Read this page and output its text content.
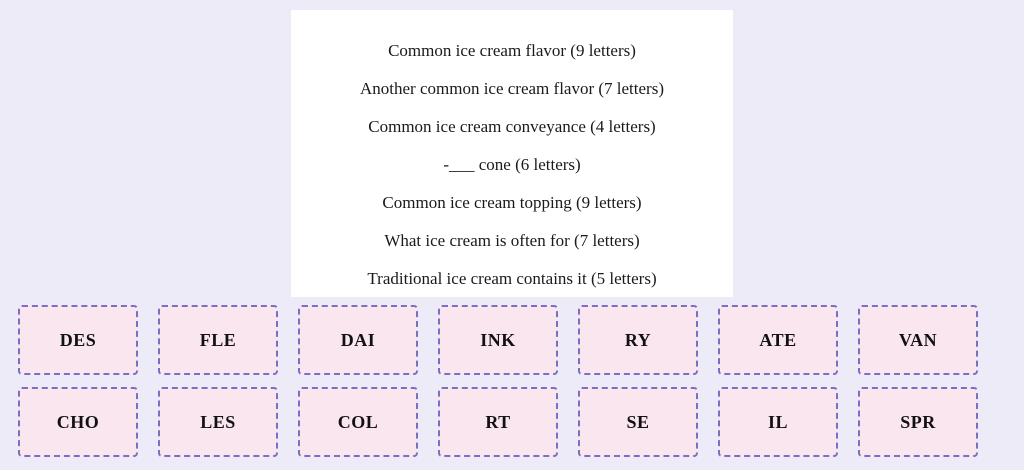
Common ice cream flavor (9 letters)
Another common ice cream flavor (7 letters)
Common ice cream conveyance (4 letters)
-___ cone (6 letters)
Common ice cream topping (9 letters)
What ice cream is often for (7 letters)
Traditional ice cream contains it (5 letters)
DES	FLE	DAI	INK	RY	ATE	VAN
CHO	LES	COL	RT	SE	IL	SPR
